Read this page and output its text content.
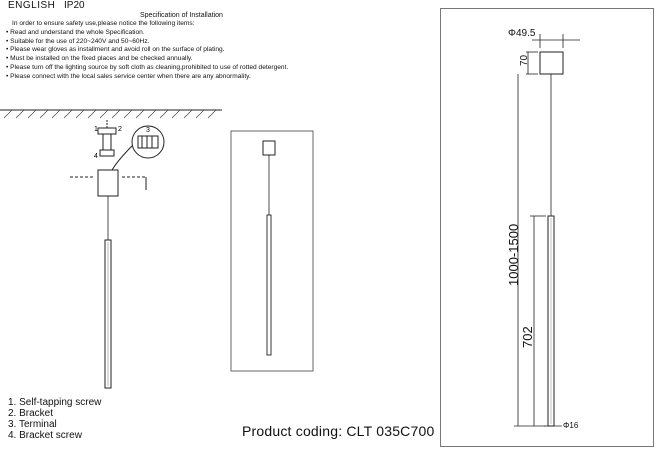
ENGLISH IP20
Specification of Installation
In order to ensure safety use,please notice the following items:
• Read and understand the whole Specification.
• Suitable for the use of 220~240V and 50~60Hz.
• Please wear gloves as installment and avoid roll on the surface of plating.
• Must be installed on the fixed places and be checked annually.
• Please turn off the lighting source by soft cloth as cleaning,prohibited to use of rotted detergent.
• Please connect with the local sales service center when there are any abnormality.
1	2
4
3
Φ49.5
70
1000-1500
702
Φ16
1. Self-tapping screw
2. Bracket
3. Terminal
4. Bracket screw	Product coding: CLT 035C700
